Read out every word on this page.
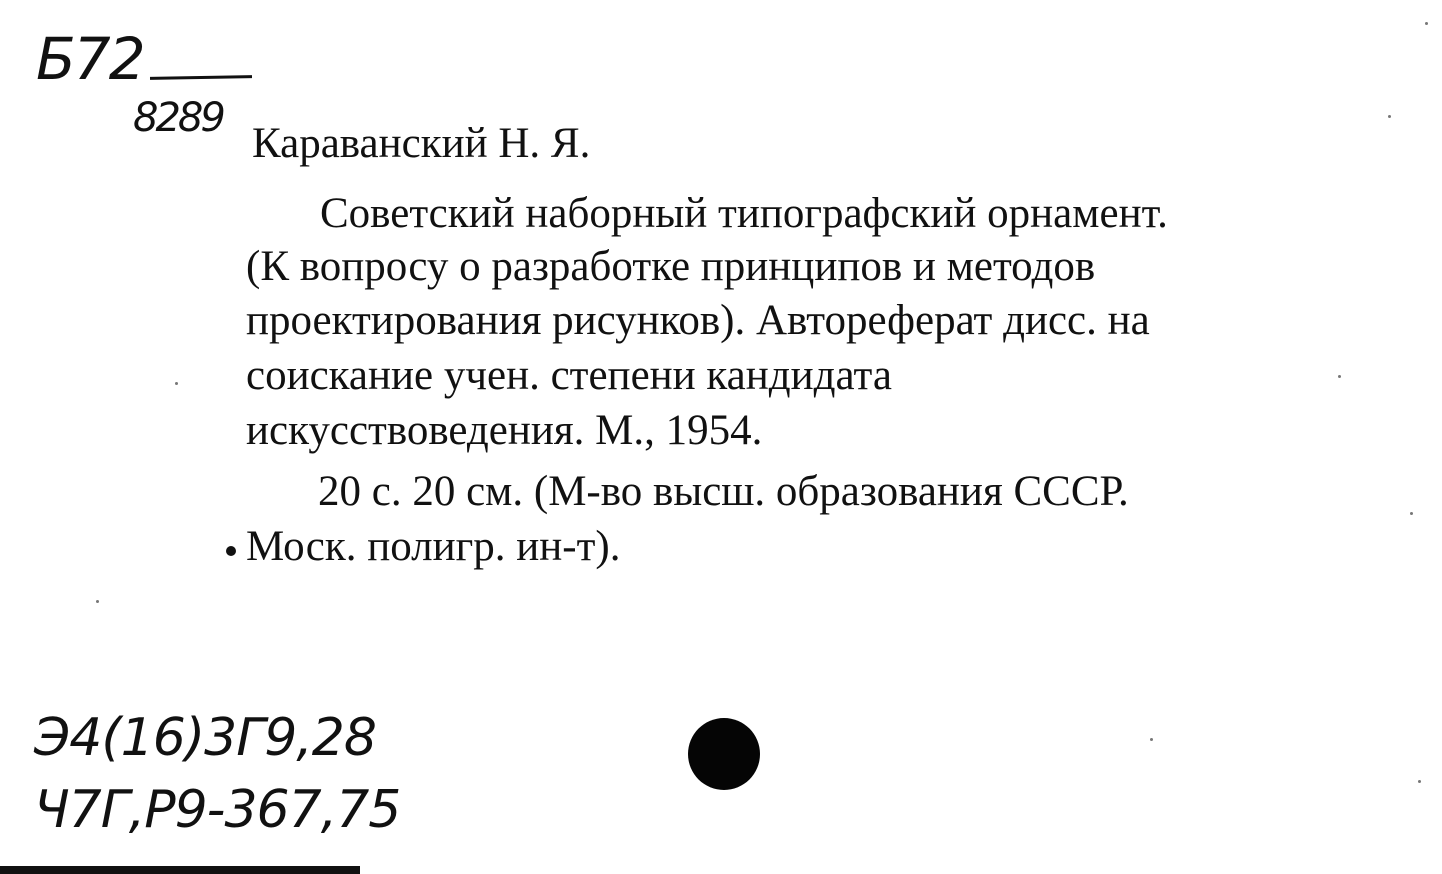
Б72
8289
Караванский Н. Я.
Советский наборный типографский орнамент.
(К вопросу о разработке принципов и методов
проектирования рисунков). Автореферат дисс. на
соискание учен. степени кандидата
искусствоведения. М., 1954.
20 с. 20 см. (М-во высш. образования СССР.
Моск. полигр. ин-т).
Э4(16)3Г9,28
Ч7Г,Р9-367,75
